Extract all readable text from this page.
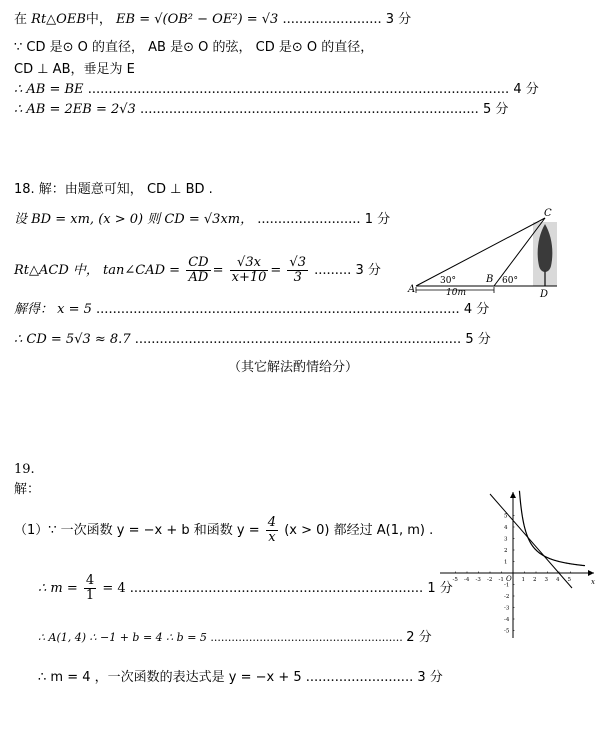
在 Rt△OEB中， EB = √(OB² − OE²) = √3 ........................ 3 分
∵ CD 是⊙ O 的直径， AB 是⊙ O 的弦， CD 是⊙ O 的直径，
CD ⊥ AB，垂足为 E
∴ AB = BE ...................................................................................................... 4 分
∴ AB = 2EB = 2√3 .................................................................................. 5 分
18. 解：由题意可知， CD ⊥ BD .
设 BD = xm, (x > 0) 则 CD = √3xm， ......................... 1 分
Rt△ACD 中， tan∠CAD = $\frac{CD}{AD} = \frac{√3x}{x+10} = \frac{√3}{3}$ ......... 3 分
解得： x = 5 ........................................................................................ 4 分
∴ CD = 5√3 ≈ 8.7 ............................................................................... 5 分
（其它解法酌情给分）
A
B
C
D
30°	60°
10m
19.
解：
（1）∵ 一次函数 y = −x + b 和函数 $y = \frac{4}{x} (x > 0)$ 都经过 A(1, m) .
∴ $m = \frac{4}{1} = 4$ ....................................................................... 1 分
∴ A(1, 4) ∴ −1 + b = 4 ∴ b = 5 ....................................................... 2 分
∴ m = 4 ，一次函数的表达式是 y = −x + 5 .......................... 3 分
-5 -4 -3 -2 -1	1 2 3 4 5
5
4
3
2
1
-1
-2
-3
-4
-5
x
O
